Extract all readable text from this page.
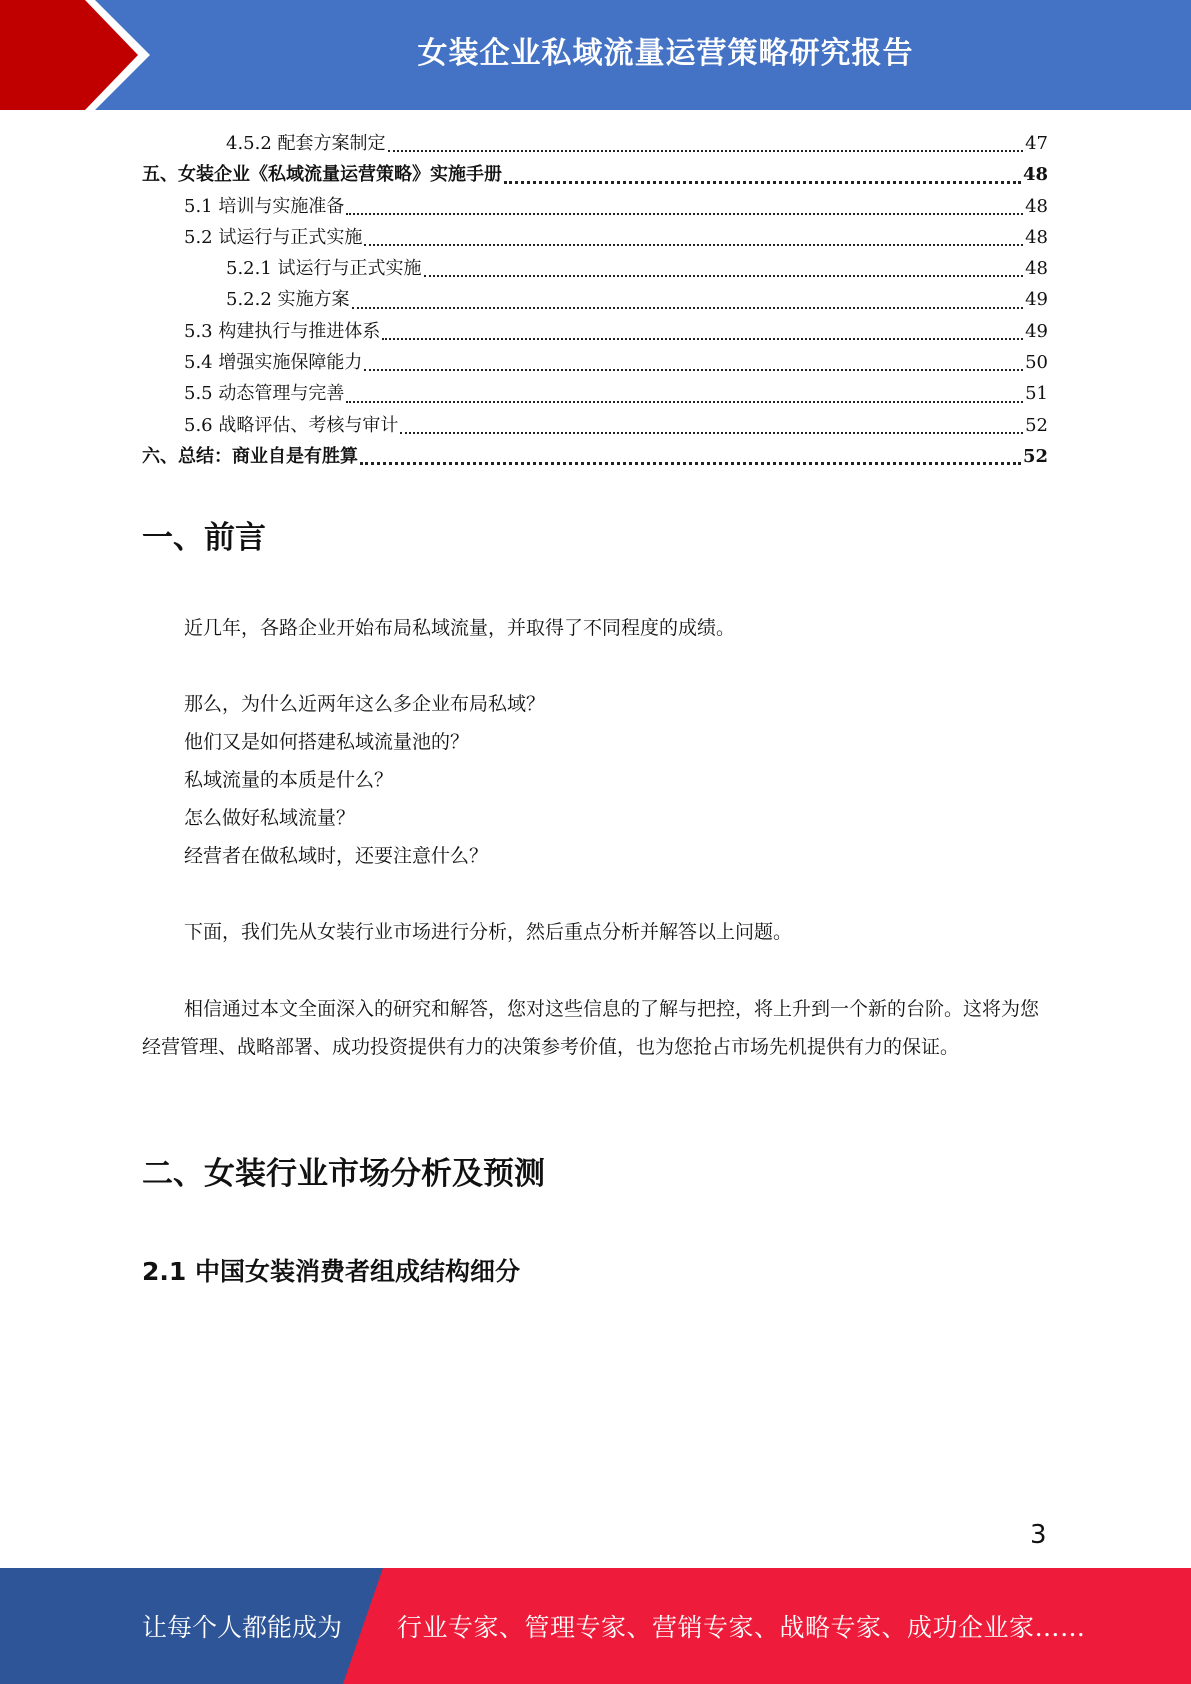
女装企业私域流量运营策略研究报告
4.5.2 配套方案制定	47
五、女装企业《私域流量运营策略》实施手册	48
5.1 培训与实施准备	48
5.2 试运行与正式实施	48
5.2.1 试运行与正式实施	48
5.2.2 实施方案	49
5.3 构建执行与推进体系	49
5.4 增强实施保障能力	50
5.5 动态管理与完善	51
5.6 战略评估、考核与审计	52
六、总结：商业自是有胜算	52
一、前言

近几年，各路企业开始布局私域流量，并取得了不同程度的成绩。

那么，为什么近两年这么多企业布局私域？

他们又是如何搭建私域流量池的？

私域流量的本质是什么？

怎么做好私域流量？

经营者在做私域时，还要注意什么？

下面，我们先从女装行业市场进行分析，然后重点分析并解答以上问题。

相信通过本文全面深入的研究和解答，您对这些信息的了解与把控，将上升到一个新的台阶。这将为您经营管理、战略部署、成功投资提供有力的决策参考价值，也为您抢占市场先机提供有力的保证。

二、女装行业市场分析及预测
2.1 中国女装消费者组成结构细分
3
让每个人都能成为 行业专家、管理专家、营销专家、战略专家、成功企业家……
